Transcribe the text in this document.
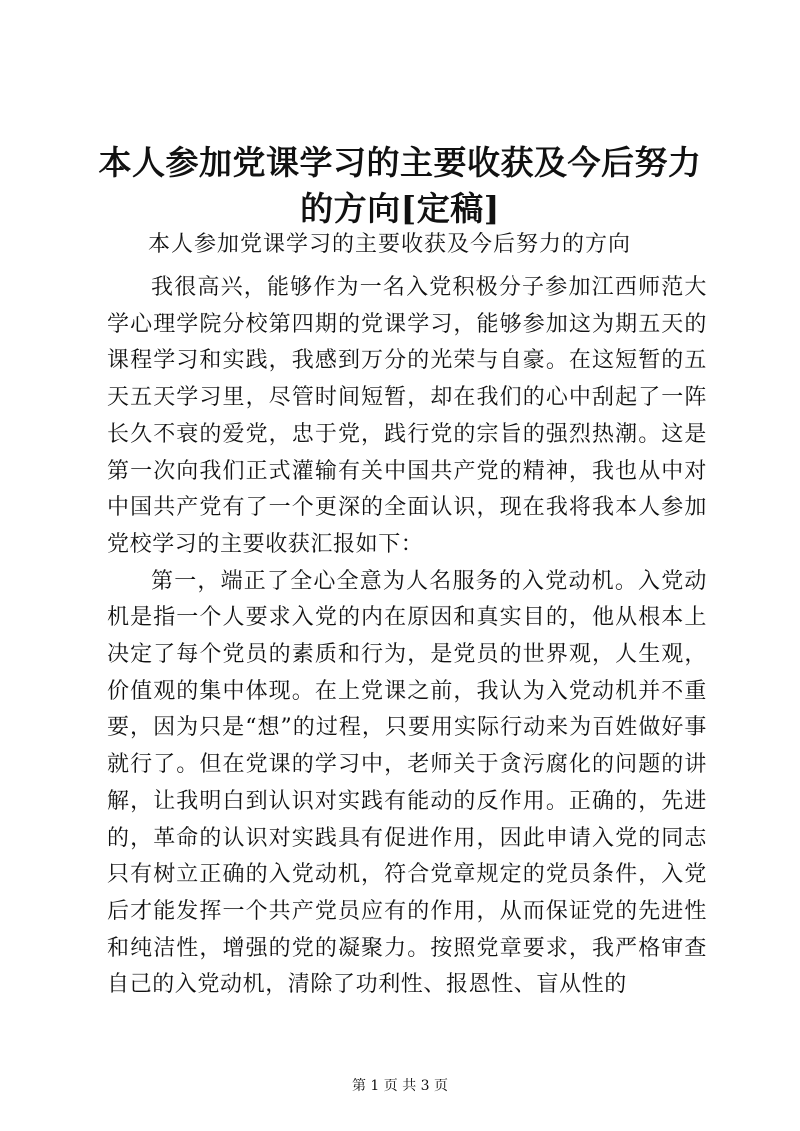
本人参加党课学习的主要收获及今后努力的方向[定稿]
本人参加党课学习的主要收获及今后努力的方向

我很高兴，能够作为一名入党积极分子参加江西师范大学心理学院分校第四期的党课学习，能够参加这为期五天的课程学习和实践，我感到万分的光荣与自豪。在这短暂的五天五天学习里，尽管时间短暂，却在我们的心中刮起了一阵长久不衰的爱党，忠于党，践行党的宗旨的强烈热潮。这是第一次向我们正式灌输有关中国共产党的精神，我也从中对中国共产党有了一个更深的全面认识，现在我将我本人参加党校学习的主要收获汇报如下：

第一，端正了全心全意为人名服务的入党动机。入党动机是指一个人要求入党的内在原因和真实目的，他从根本上决定了每个党员的素质和行为，是党员的世界观，人生观，价值观的集中体现。在上党课之前，我认为入党动机并不重要，因为只是“想”的过程，只要用实际行动来为百姓做好事就行了。但在党课的学习中，老师关于贪污腐化的问题的讲解，让我明白到认识对实践有能动的反作用。正确的，先进的，革命的认识对实践具有促进作用，因此申请入党的同志只有树立正确的入党动机，符合党章规定的党员条件，入党后才能发挥一个共产党员应有的作用，从而保证党的先进性和纯洁性，增强的党的凝聚力。按照党章要求，我严格审查自己的入党动机，清除了功利性、报恩性、盲从性的

第 1 页 共 3 页
